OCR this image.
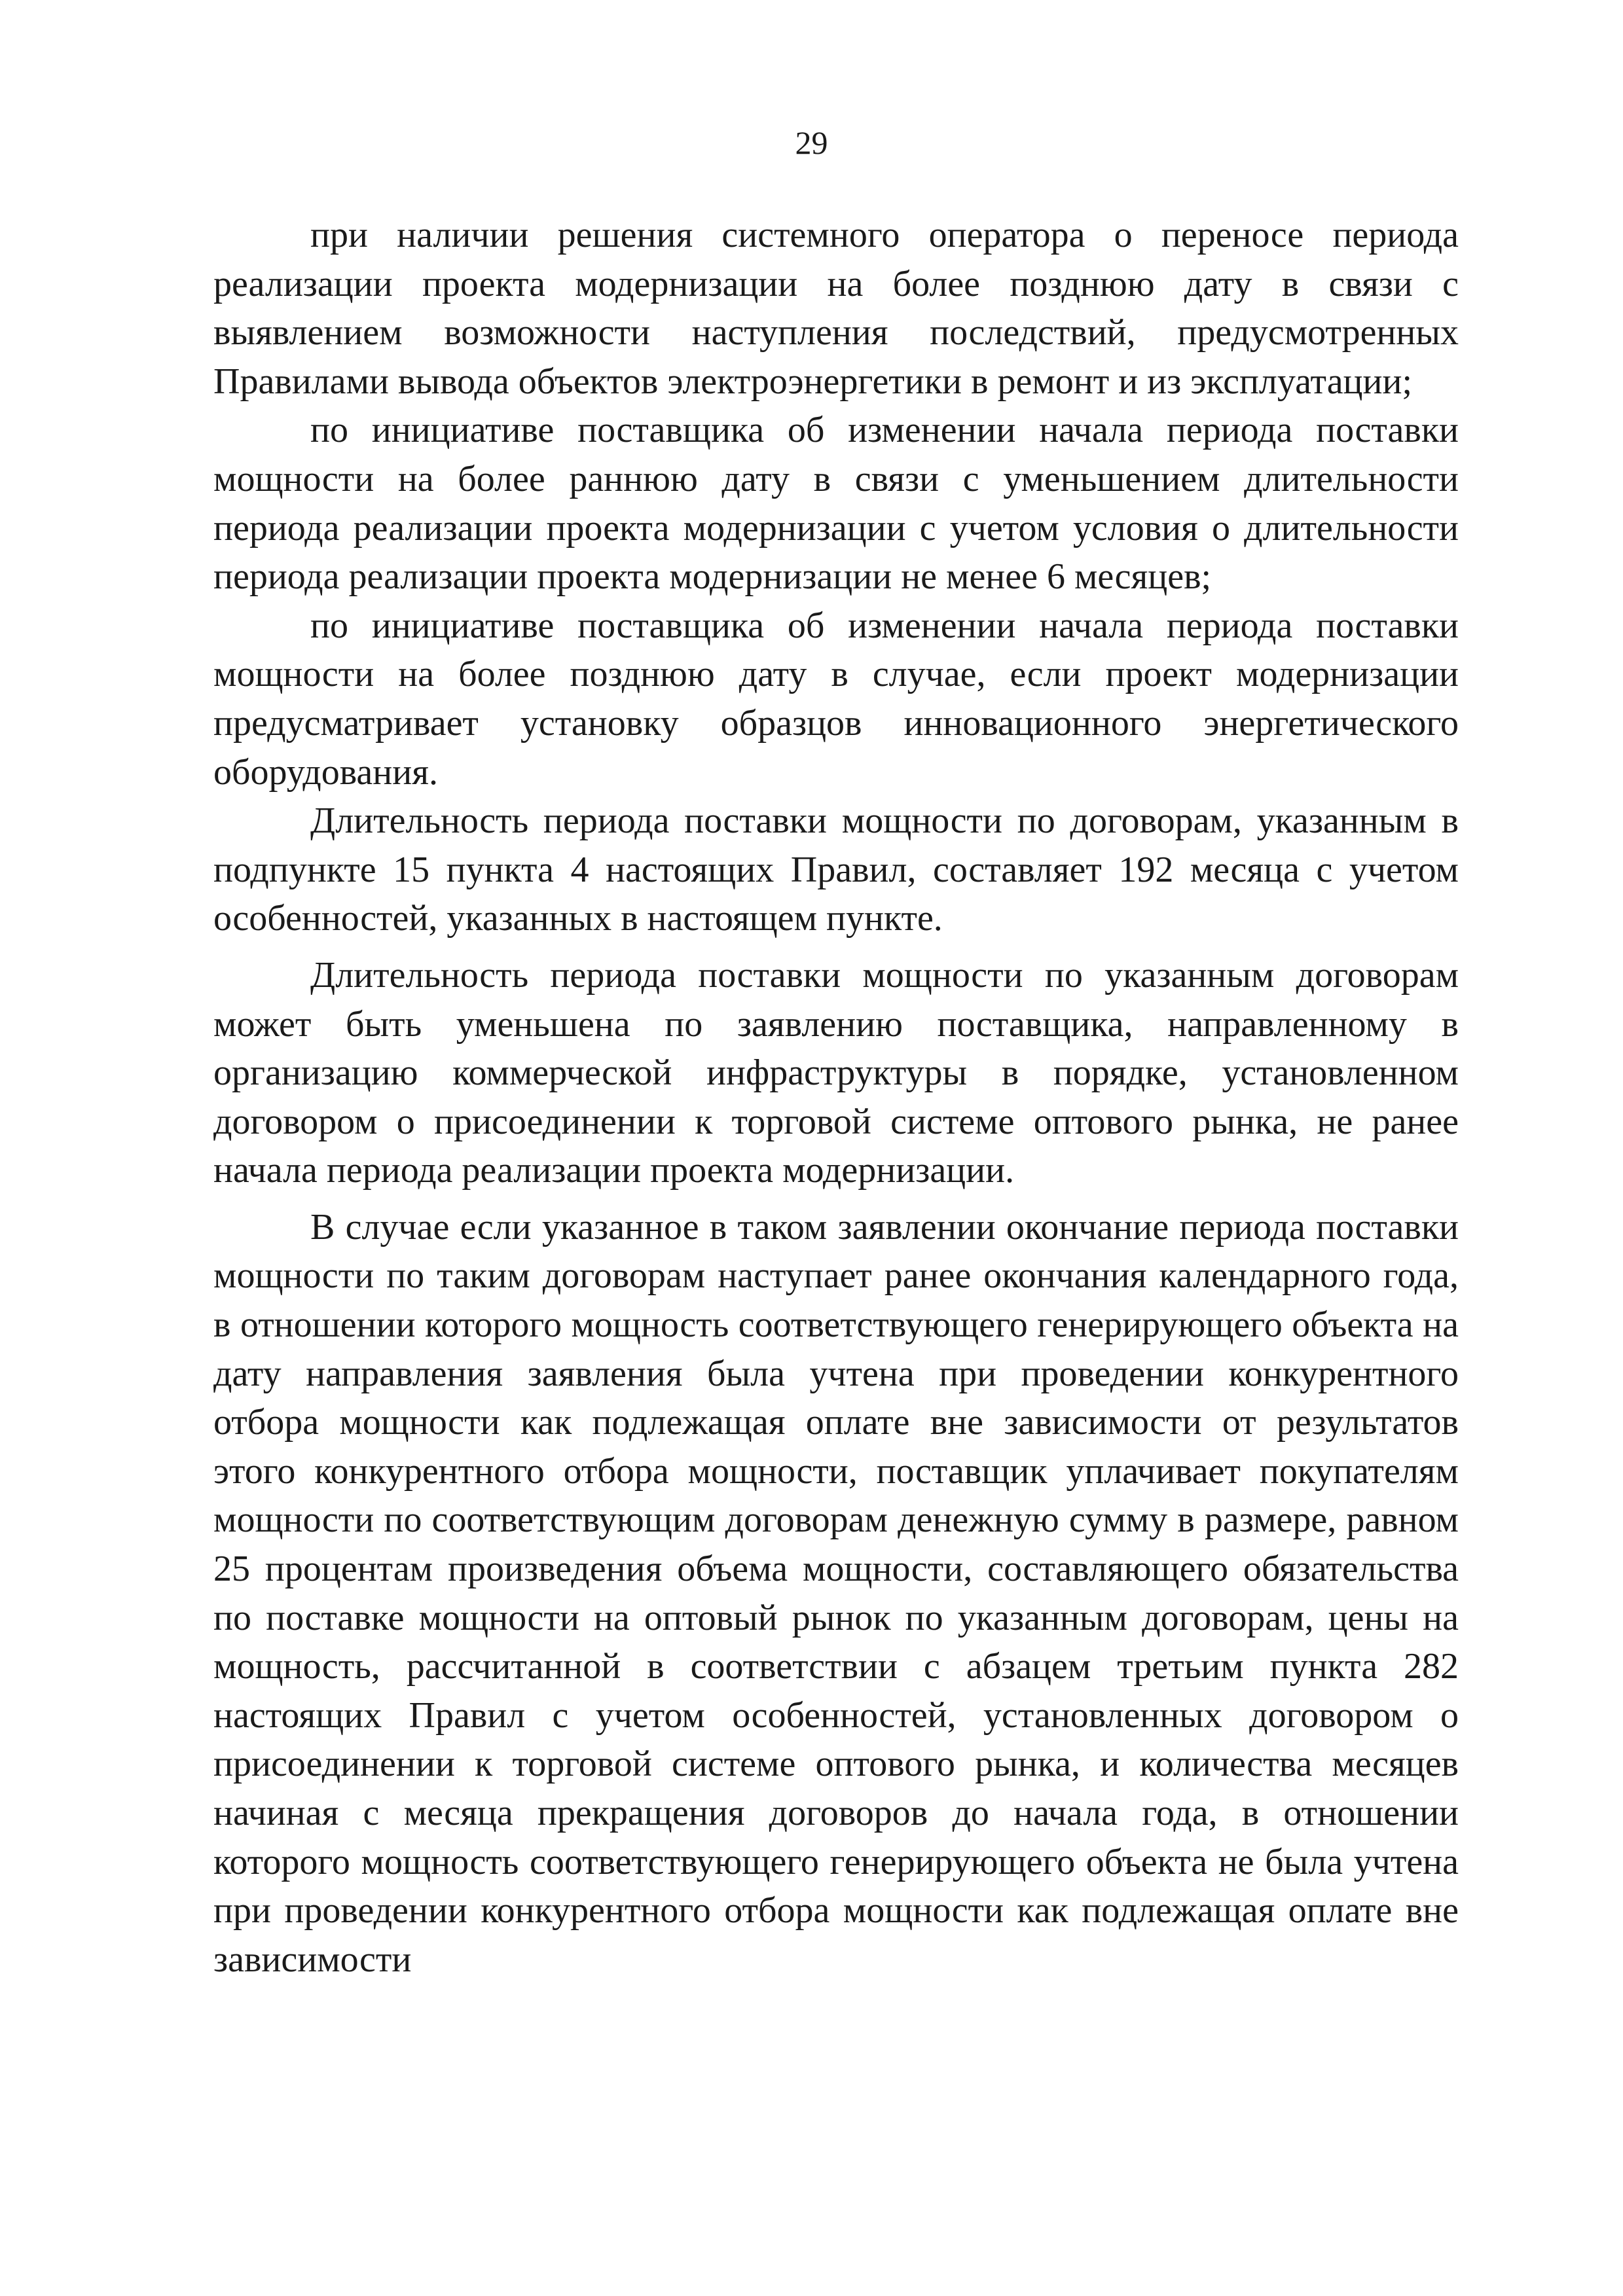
29

при наличии решения системного оператора о переносе периода реализации проекта модернизации на более позднюю дату в связи с выявлением возможности наступления последствий, предусмотренных Правилами вывода объектов электроэнергетики в ремонт и из эксплуатации;

по инициативе поставщика об изменении начала периода поставки мощности на более раннюю дату в связи с уменьшением длительности периода реализации проекта модернизации с учетом условия о длительности периода реализации проекта модернизации не менее 6 месяцев;

по инициативе поставщика об изменении начала периода поставки мощности на более позднюю дату в случае, если проект модернизации предусматривает установку образцов инновационного энергетического оборудования.

Длительность периода поставки мощности по договорам, указанным в подпункте 15 пункта 4 настоящих Правил, составляет 192 месяца с учетом особенностей, указанных в настоящем пункте.

Длительность периода поставки мощности по указанным договорам может быть уменьшена по заявлению поставщика, направленному в организацию коммерческой инфраструктуры в порядке, установленном договором о присоединении к торговой системе оптового рынка, не ранее начала периода реализации проекта модернизации.

В случае если указанное в таком заявлении окончание периода поставки мощности по таким договорам наступает ранее окончания календарного года, в отношении которого мощность соответствующего генерирующего объекта на дату направления заявления была учтена при проведении конкурентного отбора мощности как подлежащая оплате вне зависимости от результатов этого конкурентного отбора мощности, поставщик уплачивает покупателям мощности по соответствующим договорам денежную сумму в размере, равном 25 процентам произведения объема мощности, составляющего обязательства по поставке мощности на оптовый рынок по указанным договорам, цены на мощность, рассчитанной в соответствии с абзацем третьим пункта 282 настоящих Правил с учетом особенностей, установленных договором о присоединении к торговой системе оптового рынка, и количества месяцев начиная с месяца прекращения договоров до начала года, в отношении которого мощность соответствующего генерирующего объекта не была учтена при проведении конкурентного отбора мощности как подлежащая оплате вне зависимости
